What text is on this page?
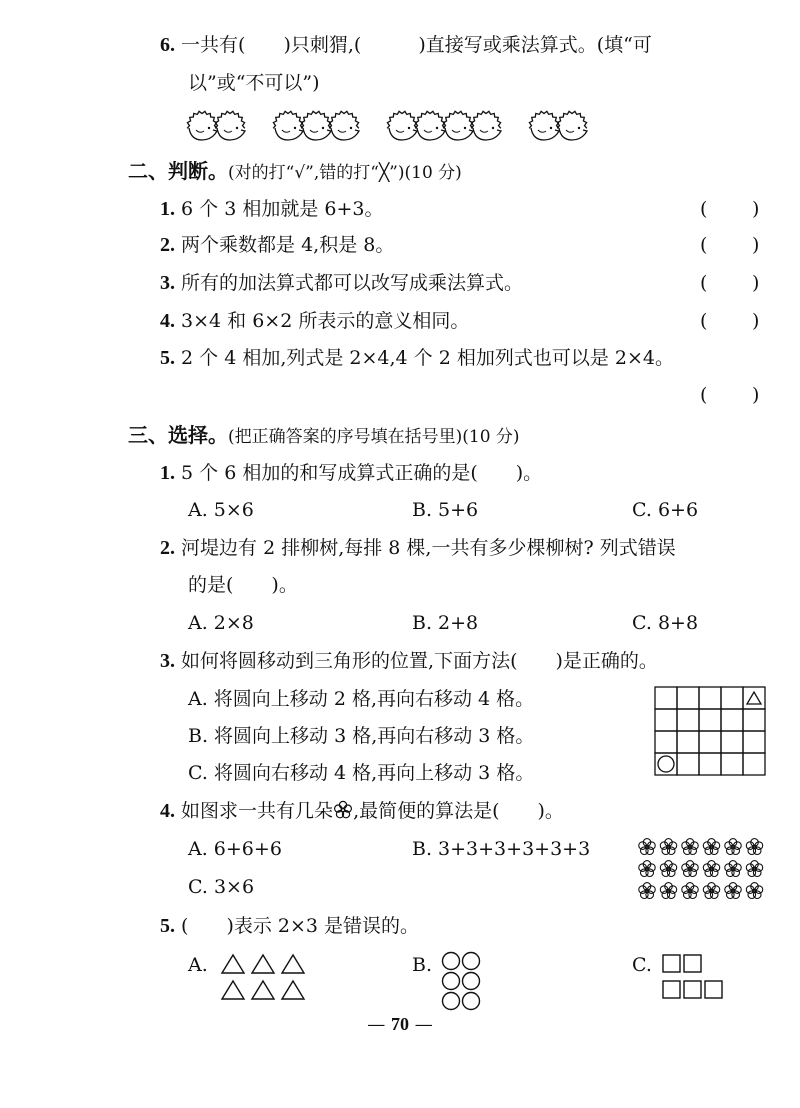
6. 一共有(　　)只刺猬,(　　　)直接写或乘法算式。(填“可
以”或“不可以”)
二、判断。(对的打“√”,错的打“╳”)(10 分)
1. 6 个 3 相加就是 6+3。	( )
2. 两个乘数都是 4,积是 8。	( )
3. 所有的加法算式都可以改写成乘法算式。	( )
4. 3×4 和 6×2 所表示的意义相同。	( )
5. 2 个 4 相加,列式是 2×4,4 个 2 相加列式也可以是 2×4。
( )
三、选择。(把正确答案的序号填在括号里)(10 分)
1. 5 个 6 相加的和写成算式正确的是(　　)。
A. 5×6	B. 5+6	C. 6+6
2. 河堤边有 2 排柳树,每排 8 棵,一共有多少棵柳树? 列式错误
的是(　　)。
A. 2×8	B. 2+8	C. 8+8
3. 如何将圆移动到三角形的位置,下面方法(　　)是正确的。
A. 将圆向上移动 2 格,再向右移动 4 格。
B. 将圆向上移动 3 格,再向右移动 3 格。
C. 将圆向右移动 4 格,再向上移动 3 格。
4. 如图求一共有几朵 ,最简便的算法是(　　)。
A. 6+6+6	B. 3+3+3+3+3+3
C. 3×6
5. (　　)表示 2×3 是错误的。
A.	B.	C.
— 70 —
